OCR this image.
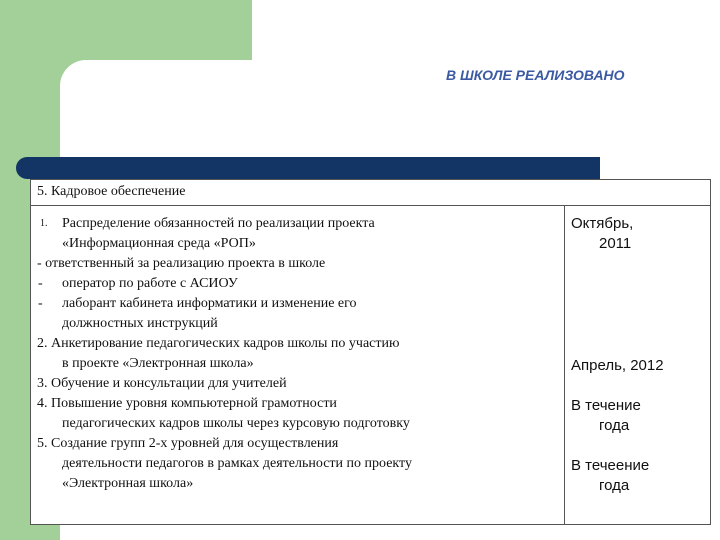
В ШКОЛЕ РЕАЛИЗОВАНО
5. Кадровое обеспечение
1. Распределение обязанностей по реализации проекта
«Информационная среда «РОП»
- ответственный за реализацию проекта в школе
- оператор по работе с АСИОУ
- лаборант кабинета информатики и изменение его
должностных инструкций
2. Анкетирование педагогических кадров школы по участию
в проекте «Электронная школа»
3. Обучение и консультации для учителей
4. Повышение уровня компьютерной грамотности
педагогических кадров школы через курсовую подготовку
5. Создание групп 2-х уровней для осуществления
деятельности педагогов в рамках деятельности по проекту
«Электронная школа»
Октябрь,
2011
Апрель, 2012
В течение
года
В течеение
года
